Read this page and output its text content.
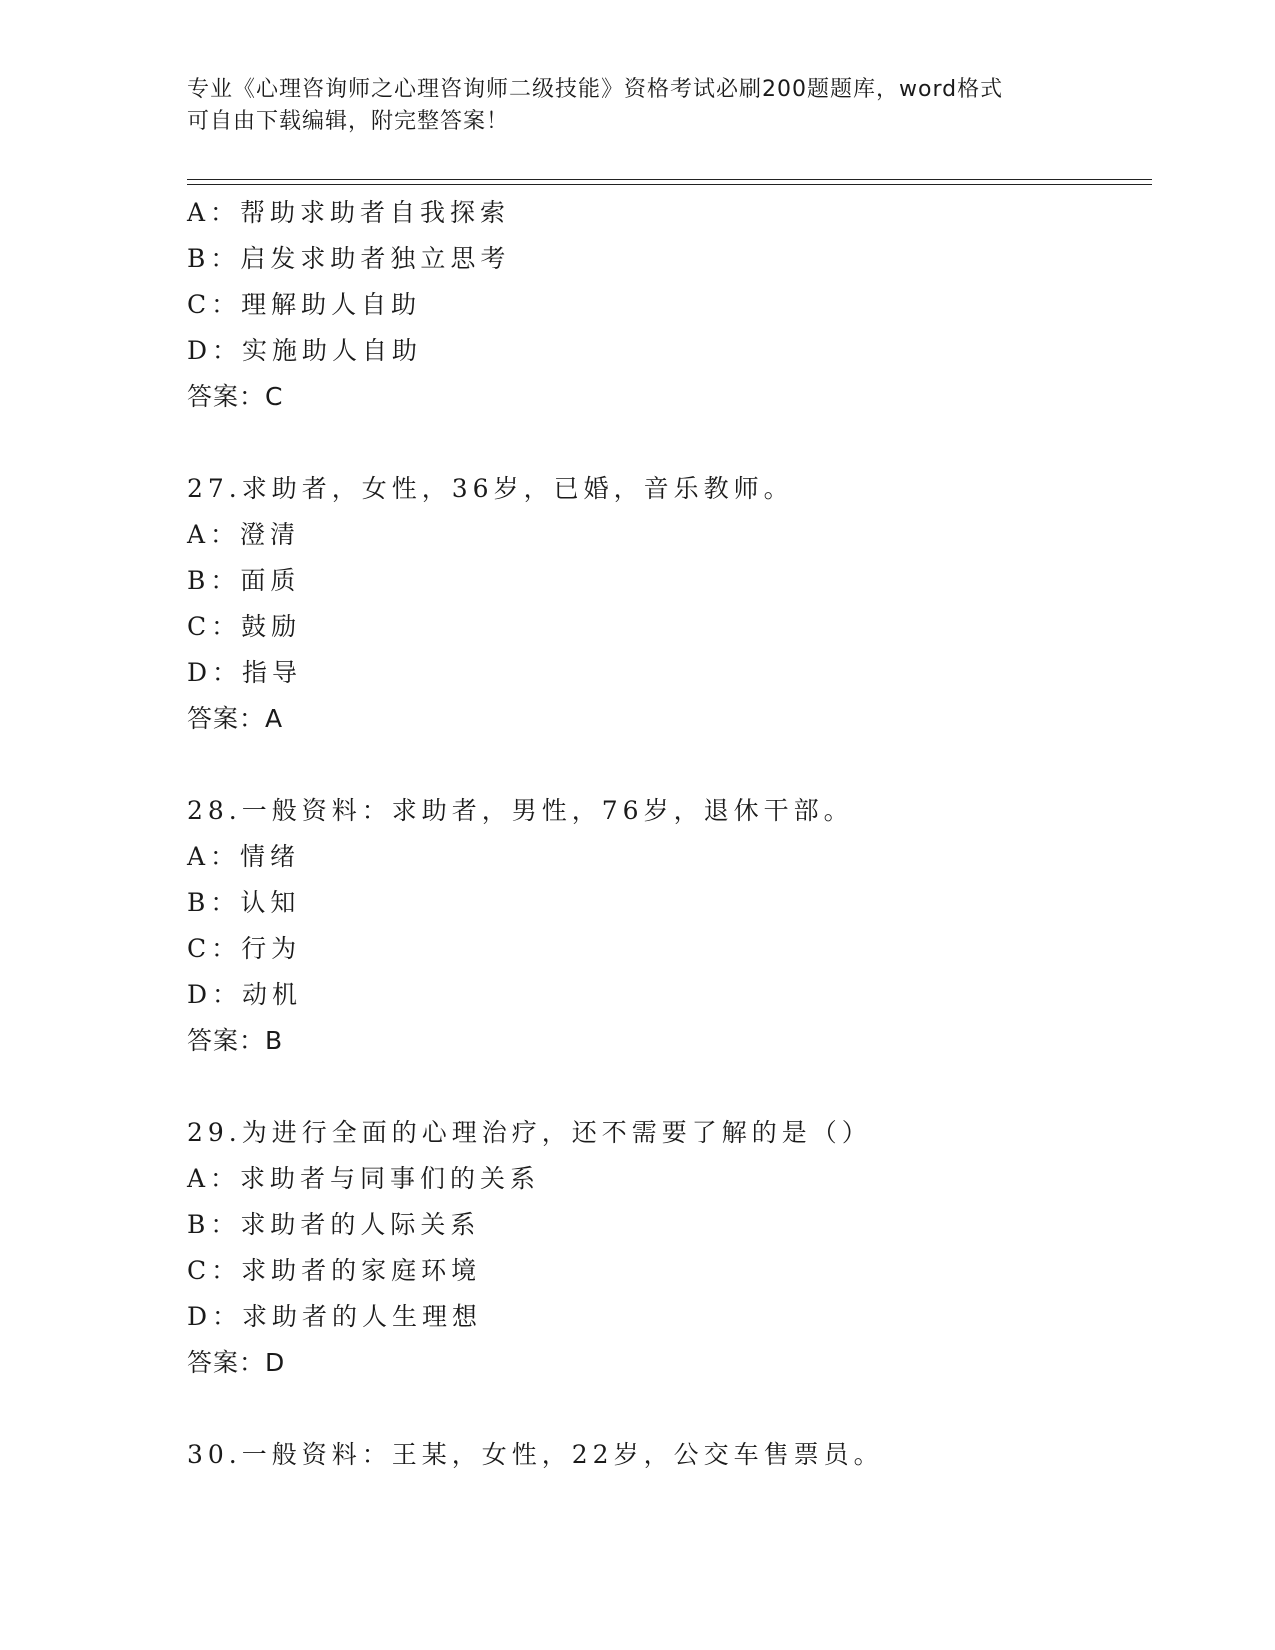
专业《心理咨询师之心理咨询师二级技能》资格考试必刷200题题库，word格式
可自由下载编辑，附完整答案！
A：帮助求助者自我探索
B：启发求助者独立思考
C：理解助人自助
D：实施助人自助
答案：C
27.求助者，女性，36岁，已婚，音乐教师。
A：澄清
B：面质
C：鼓励
D：指导
答案：A
28.一般资料：求助者，男性，76岁，退休干部。
A：情绪
B：认知
C：行为
D：动机
答案：B
29.为进行全面的心理治疗，还不需要了解的是（）
A：求助者与同事们的关系
B：求助者的人际关系
C：求助者的家庭环境
D：求助者的人生理想
答案：D
30.一般资料：王某，女性，22岁，公交车售票员。
